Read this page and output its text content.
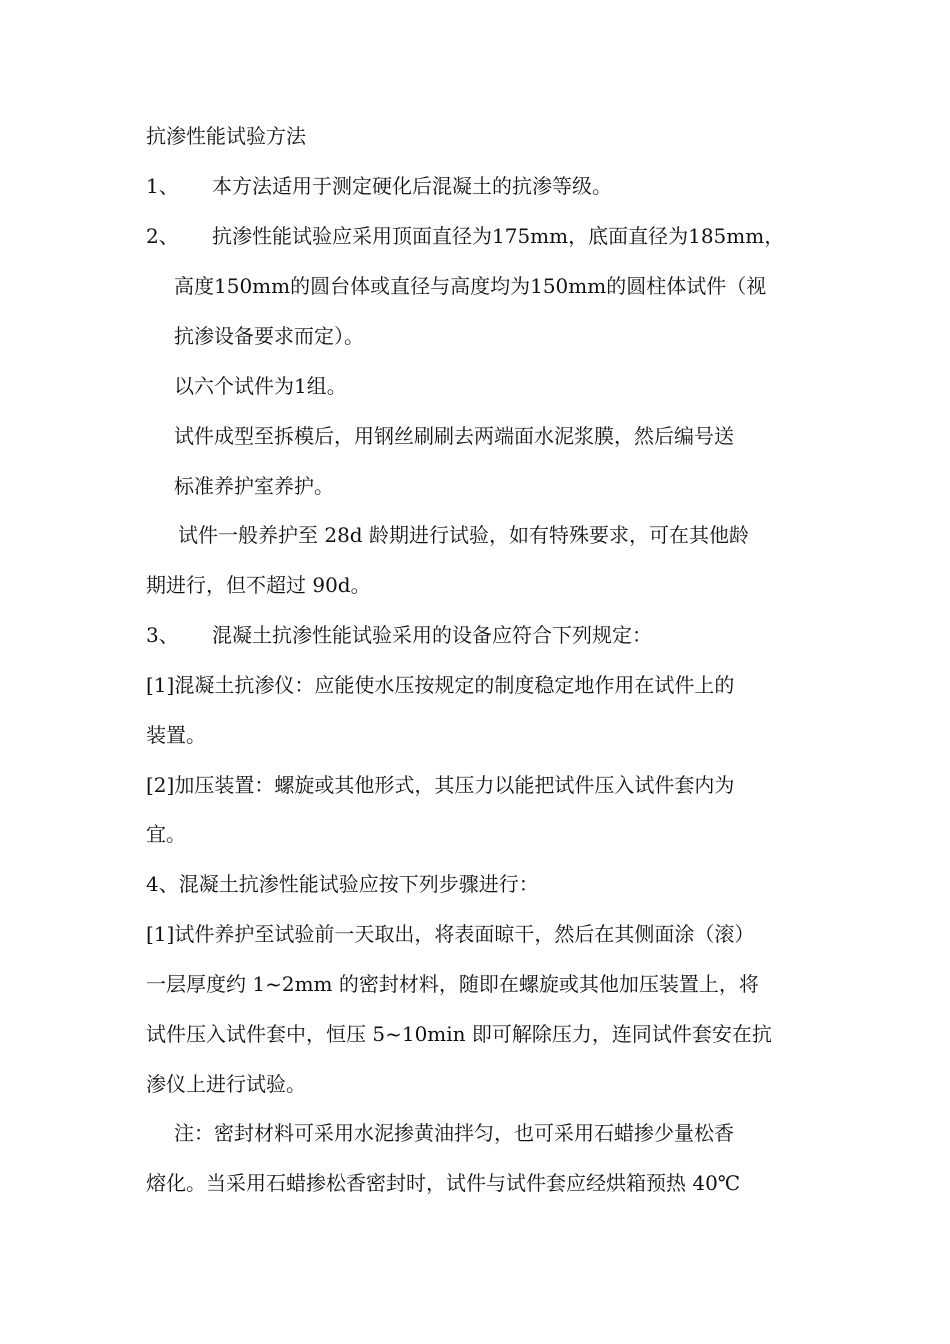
抗渗性能试验方法
1、 本方法适用于测定硬化后混凝土的抗渗等级。
2、 抗渗性能试验应采用顶面直径为175mm，底面直径为185mm，
高度150mm的圆台体或直径与高度均为150mm的圆柱体试件（视
抗渗设备要求而定）。
以六个试件为1组。
试件成型至拆模后，用钢丝刷刷去两端面水泥浆膜，然后编号送
标准养护室养护。
试件一般养护至 28d 龄期进行试验，如有特殊要求，可在其他龄
期进行，但不超过 90d。
3、 混凝土抗渗性能试验采用的设备应符合下列规定：
[1]混凝土抗渗仪：应能使水压按规定的制度稳定地作用在试件上的
装置。
[2]加压装置：螺旋或其他形式，其压力以能把试件压入试件套内为
宜。
4、混凝土抗渗性能试验应按下列步骤进行：
[1]试件养护至试验前一天取出，将表面晾干，然后在其侧面涂（滚）
一层厚度约 1~2mm 的密封材料，随即在螺旋或其他加压装置上，将
试件压入试件套中，恒压 5~10min 即可解除压力，连同试件套安在抗
渗仪上进行试验。
注：密封材料可采用水泥掺黄油拌匀，也可采用石蜡掺少量松香
熔化。当采用石蜡掺松香密封时，试件与试件套应经烘箱预热 40℃
